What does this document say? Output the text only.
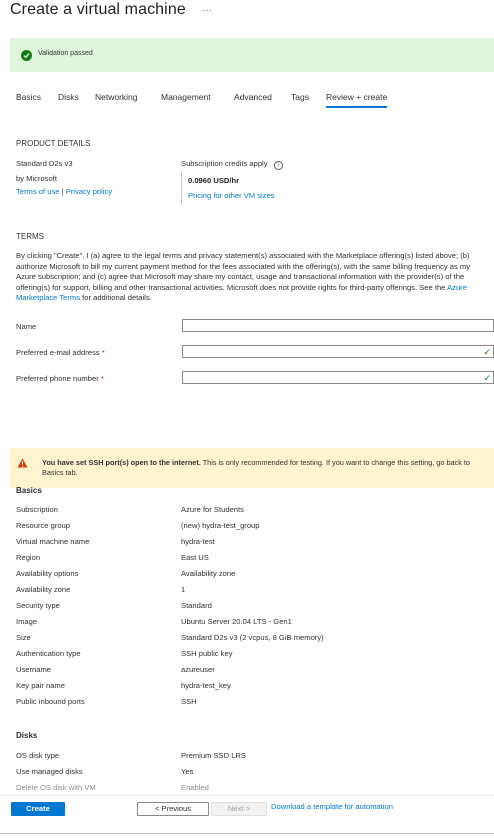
Create a virtual machine ···
Validation passed
Basics Disks Networking	Management	Advanced Tags Review + create
PRODUCT DETAILS
Standard D2s v3
by Microsoft
Terms of use | Privacy policy
Subscription credits apply i
0.0960 USD/hr
Pricing for other VM sizes
TERMS
By clicking "Create", I (a) agree to the legal terms and privacy statement(s) associated with the Marketplace offering(s) listed above; (b) authorize Microsoft to bill my current payment method for the fees associated with the offering(s), with the same billing frequency as my Azure subscription; and (c) agree that Microsoft may share my contact, usage and transactional information with the provider(s) of the offering(s) for support, billing and other transactional activities. Microsoft does not provide rights for third-party offerings. See the Azure Marketplace Terms for additional details.
Name
Preferred e-mail address *	✓
Preferred phone number *	✓
You have set SSH port(s) open to the internet. This is only recommended for testing. If you want to change this setting, go back to Basics tab.
Basics
Subscription	Azure for Students
Resource group	(new) hydra-test_group
Virtual machine name	hydra-test
Region	East US
Availability options	Availability zone
Availability zone	1
Security type	Standard
Image	Ubuntu Server 20.04 LTS - Gen1
Size	Standard D2s v3 (2 vcpus, 8 GiB memory)
Authentication type	SSH public key
Username	azureuser
Key pair name	hydra-test_key
Public inbound ports	SSH
Disks
OS disk type	Premium SSD LRS
Use managed disks	Yes
Delete OS disk with VM	Enabled
Create	< Previous	Next >	Download a template for automation
